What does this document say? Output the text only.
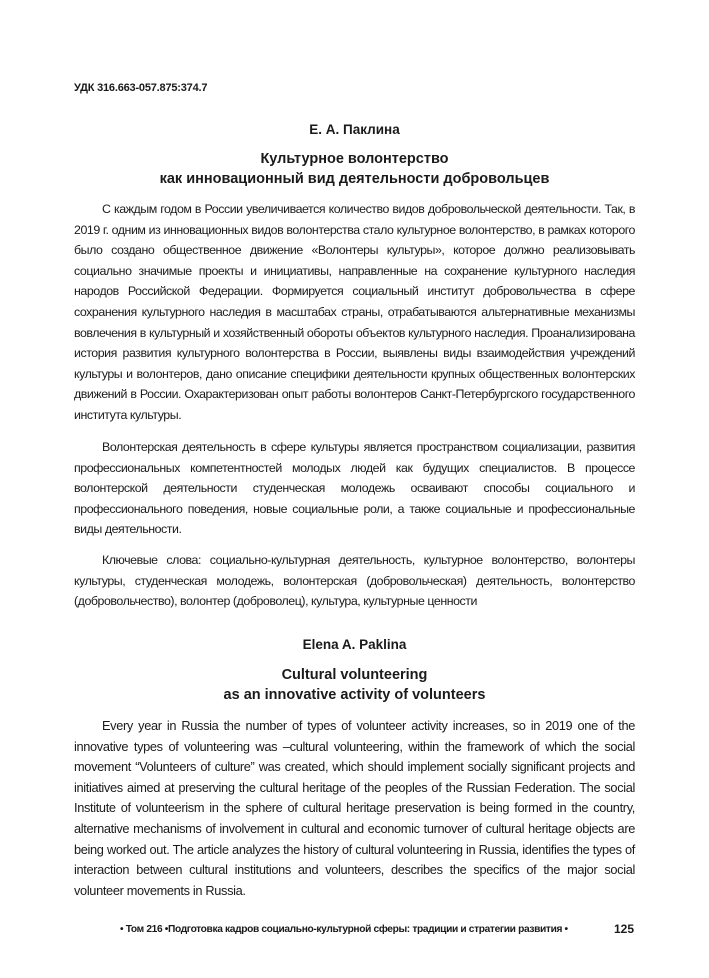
УДК 316.663-057.875:374.7
Е. А. Паклина
Культурное волонтерство
как инновационный вид деятельности добровольцев

С каждым годом в России увеличивается количество видов добровольческой деятельности. Так, в 2019 г. одним из инновационных видов волонтерства стало культурное волонтерство, в рамках которого было создано общественное движение «Волонтеры культуры», которое должно реализовывать социально значимые проекты и инициативы, направленные на сохранение культурного наследия народов Российской Федерации. Формируется социальный институт добровольчества в сфере сохранения культурного наследия в масштабах страны, отрабатываются альтернативные механизмы вовлечения в культурный и хозяйственный обороты объектов культурного наследия. Проанализирована история развития культурного волонтерства в России, выявлены виды взаимодействия учреждений культуры и волонтеров, дано описание специфики деятельности крупных общественных волонтерских движений в России. Охарактеризован опыт работы волонтеров Санкт-Петербургского государственного института культуры.

Волонтерская деятельность в сфере культуры является пространством социализации, развития профессиональных компетентностей молодых людей как будущих специалистов. В процессе волонтерской деятельности студенческая молодежь осваивают способы социального и профессионального поведения, новые социальные роли, а также социальные и профессиональные виды деятельности.

Ключевые слова: социально-культурная деятельность, культурное волонтерство, волонтеры культуры, студенческая молодежь, волонтерская (добровольческая) деятельность, волонтерство (добровольчество), волонтер (доброволец), культура, культурные ценности

Elena A. Paklina
Cultural volunteering
as an innovative activity of volunteers

Every year in Russia the number of types of volunteer activity increases, so in 2019 one of the innovative types of volunteering was –cultural volunteering, within the framework of which the social movement “Volunteers of culture” was created, which should implement socially significant projects and initiatives aimed at preserving the cultural heritage of the peoples of the Russian Federation. The social Institute of volunteerism in the sphere of cultural heritage preservation is being formed in the country, alternative mechanisms of involvement in cultural and economic turnover of cultural heritage objects are being worked out. The article analyzes the history of cultural volunteering in Russia, identifies the types of interaction between cultural institutions and volunteers, describes the specifics of the major social volunteer movements in Russia.

• Том 216 •Подготовка кадров социально-культурной сферы: традиции и стратегии развития •	125
